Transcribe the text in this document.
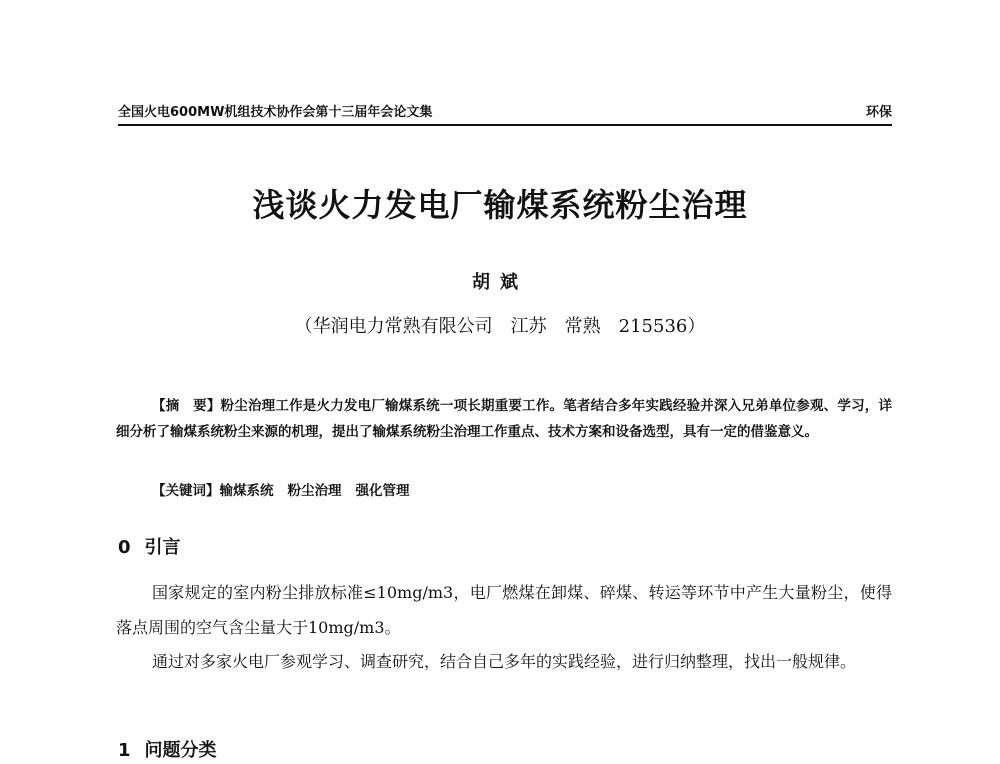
全国火电600MW机组技术协作会第十三届年会论文集	环保
浅谈火力发电厂输煤系统粉尘治理
胡斌
（华润电力常熟有限公司　江苏　常熟　215536）
【摘　要】粉尘治理工作是火力发电厂输煤系统一项长期重要工作。笔者结合多年实践经验并深入兄弟单位参观、学习，详细分析了输煤系统粉尘来源的机理，提出了输煤系统粉尘治理工作重点、技术方案和设备选型，具有一定的借鉴意义。
【关键词】输煤系统 粉尘治理 强化管理
0 引言
国家规定的室内粉尘排放标准≤10mg/m3，电厂燃煤在卸煤、碎煤、转运等环节中产生大量粉尘，使得落点周围的空气含尘量大于10mg/m3。
通过对多家火电厂参观学习、调查研究，结合自己多年的实践经验，进行归纳整理，找出一般规律。
1 问题分类
